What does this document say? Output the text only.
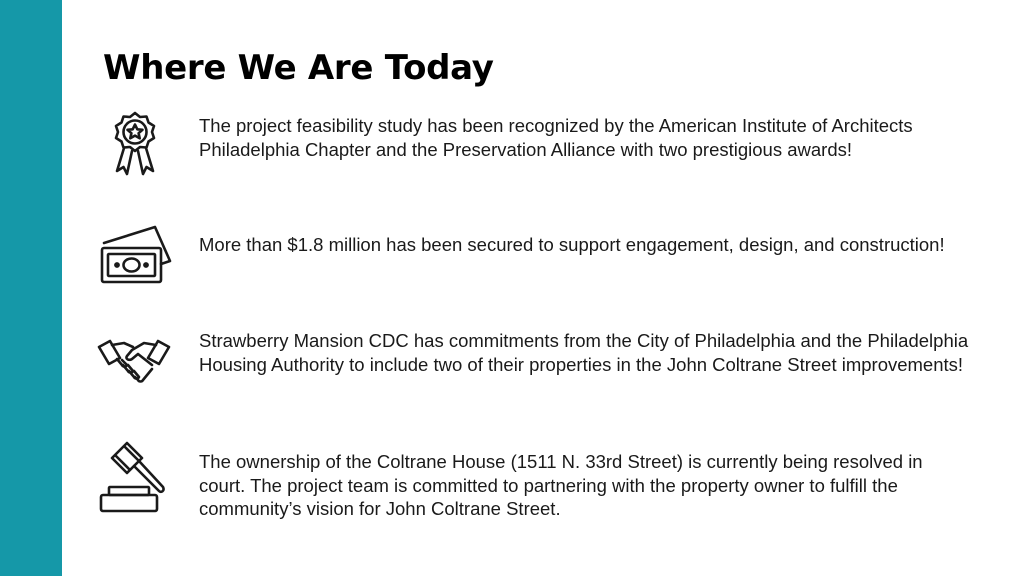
Where We Are Today

The project feasibility study has been recognized by the American Institute of Architects Philadelphia Chapter and the Preservation Alliance with two prestigious awards!

More than $1.8 million has been secured to support engagement, design, and construction!

Strawberry Mansion CDC has commitments from the City of Philadelphia and the Philadelphia Housing Authority to include two of their properties in the John Coltrane Street improvements!

The ownership of the Coltrane House (1511 N. 33rd Street) is currently being resolved in court. The project team is committed to partnering with the property owner to fulfill the community’s vision for John Coltrane Street.
